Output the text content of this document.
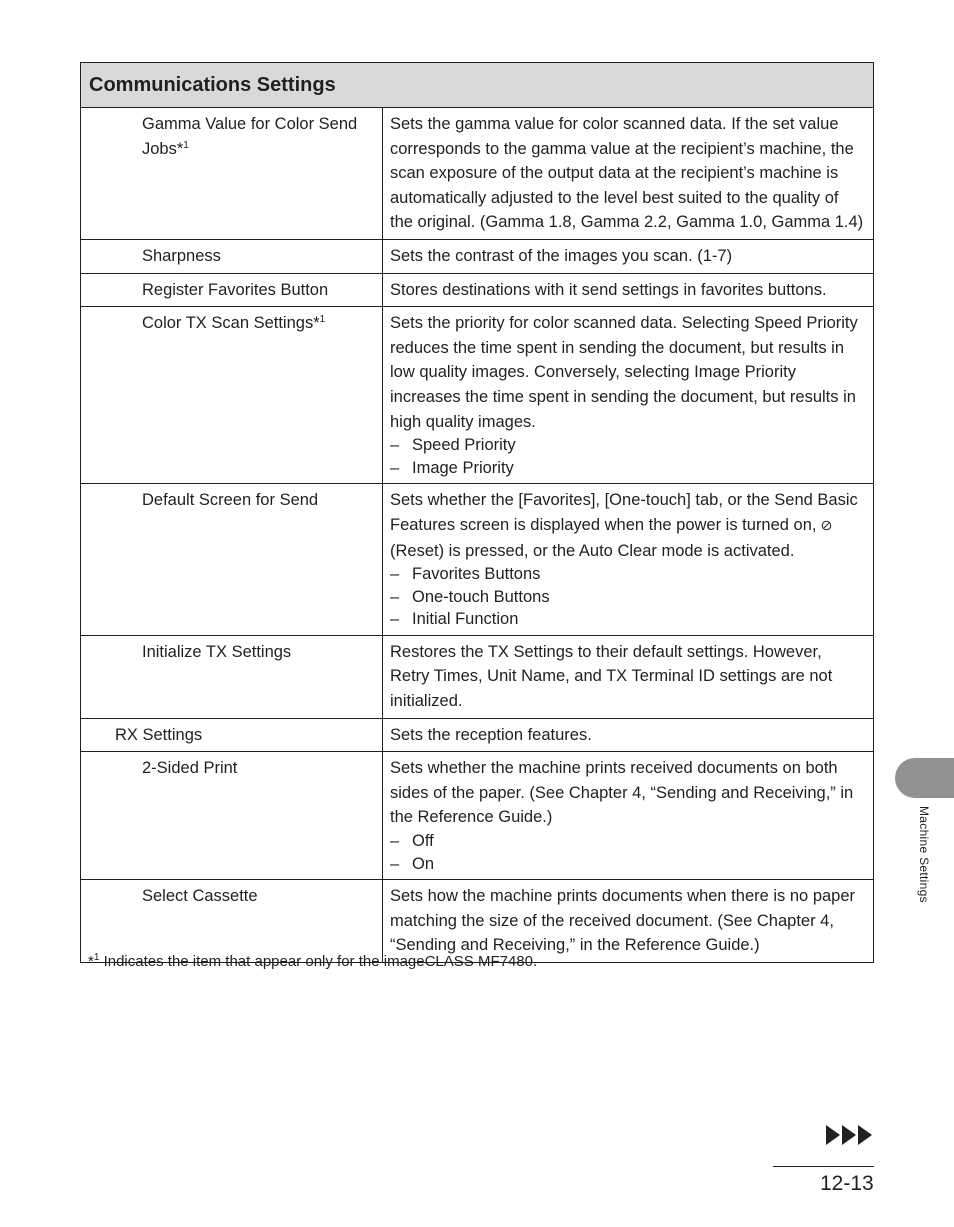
Communications Settings	
Gamma Value for Color Send Jobs*$^1$	Sets the gamma value for color scanned data. If the set value corresponds to the gamma value at the recipient’s machine, the scan exposure of the output data at the recipient’s machine is automatically adjusted to the level best suited to the quality of the original. (Gamma 1.8, Gamma 2.2, Gamma 1.0, Gamma 1.4)
Sharpness	Sets the contrast of the images you scan. (1-7)
Register Favorites Button	Stores destinations with it send settings in favorites buttons.
Color TX Scan Settings*$^1$	Sets the priority for color scanned data. Selecting Speed Priority reduces the time spent in sending the document, but results in low quality images. Conversely, selecting Image Priority increases the time spent in sending the document, but results in high quality images.
– Speed Priority
– Image Priority

Default Screen for Send	Sets whether the [Favorites], [One-touch] tab, or the Send Basic Features screen is displayed when the power is turned on,  (Reset) is pressed, or the Auto Clear mode is activated.
– Favorites Buttons
– One-touch Buttons
– Initial Function

Initialize TX Settings	Restores the TX Settings to their default settings. However, Retry Times, Unit Name, and TX Terminal ID settings are not initialized.
RX Settings	Sets the reception features.
2-Sided Print	Sets whether the machine prints received documents on both sides of the paper. (See Chapter 4, “Sending and Receiving,” in the Reference Guide.)
– Off
– On

Select Cassette	Sets how the machine prints documents when there is no paper matching the size of the received document. (See Chapter 4, “Sending and Receiving,” in the Reference Guide.)
*$^1$ Indicates the item that appear only for the imageCLASS MF7480.
Machine Settings
12-13
